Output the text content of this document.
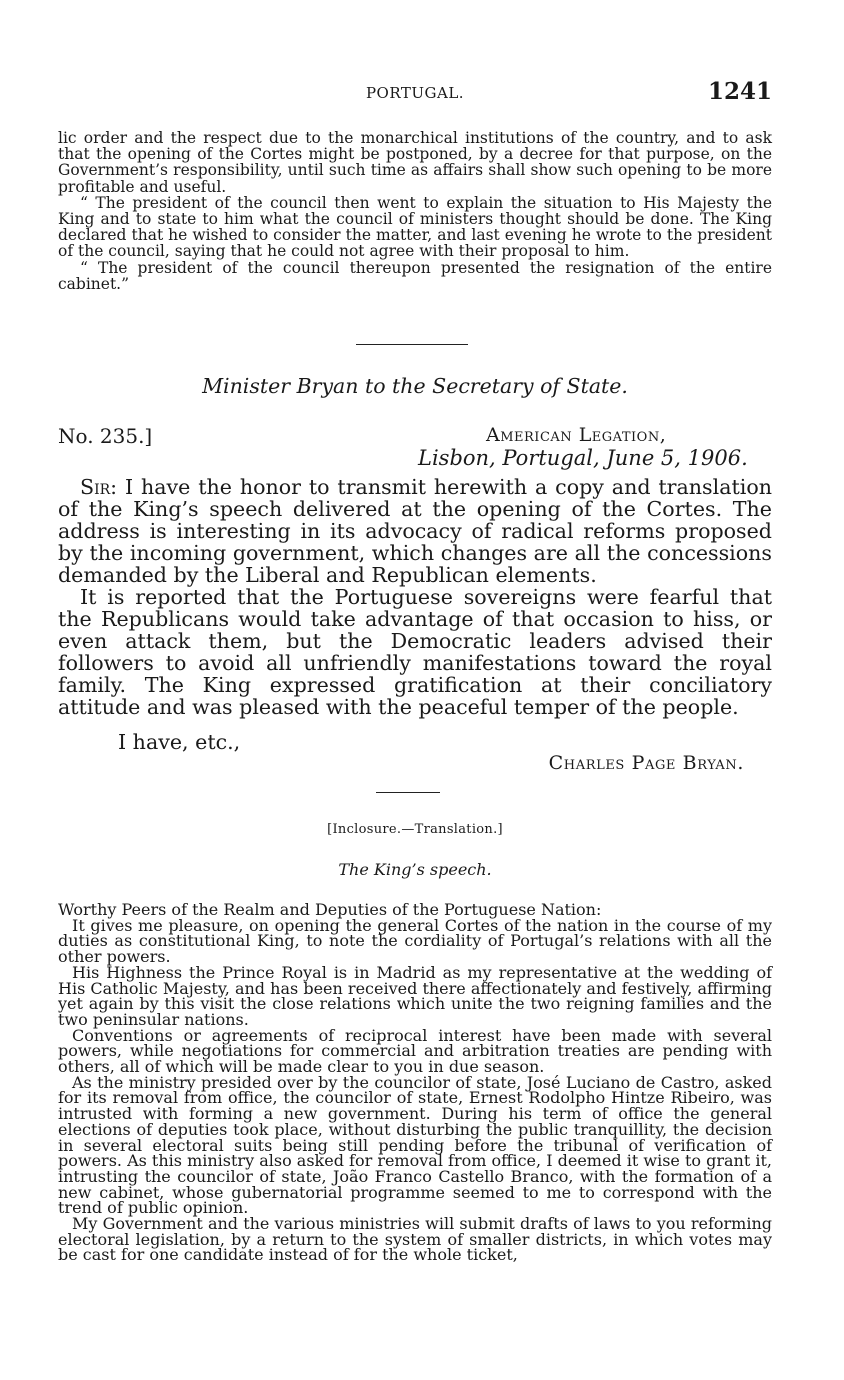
PORTUGAL.	1241

lic order and the respect due to the monarchical institutions of the country, and to ask that the opening of the Cortes might be postponed, by a decree for that purpose, on the Government’s responsibility, until such time as affairs shall show such opening to be more profitable and useful.

“ The president of the council then went to explain the situation to His Majesty the King and to state to him what the council of ministers thought should be done. The King declared that he wished to consider the matter, and last evening he wrote to the president of the council, saying that he could not agree with their proposal to him.

“ The president of the council thereupon presented the resignation of the entire cabinet.”

Minister Bryan to the Secretary of State.
No. 235.]	American Legation,
Lisbon, Portugal, June 5, 1906.

Sir: I have the honor to transmit herewith a copy and translation of the King’s speech delivered at the opening of the Cortes. The address is interesting in its advocacy of radical reforms proposed by the incoming government, which changes are all the concessions demanded by the Liberal and Republican elements.

It is reported that the Portuguese sovereigns were fearful that the Republicans would take advantage of that occasion to hiss, or even attack them, but the Democratic leaders advised their followers to avoid all unfriendly manifestations toward the royal family. The King expressed gratification at their conciliatory attitude and was pleased with the peaceful temper of the people.

I have, etc.,
Charles Page Bryan.
[Inclosure.—Translation.]
The King’s speech.

Worthy Peers of the Realm and Deputies of the Portuguese Nation:

It gives me pleasure, on opening the general Cortes of the nation in the course of my duties as constitutional King, to note the cordiality of Portugal’s relations with all the other powers.

His Highness the Prince Royal is in Madrid as my representative at the wedding of His Catholic Majesty, and has been received there affectionately and festively, affirming yet again by this visit the close relations which unite the two reigning families and the two peninsular nations.

Conventions or agreements of reciprocal interest have been made with several powers, while negotiations for commercial and arbitration treaties are pending with others, all of which will be made clear to you in due season.

As the ministry presided over by the councilor of state, José Luciano de Castro, asked for its removal from office, the councilor of state, Ernest Rodolpho Hintze Ribeiro, was intrusted with forming a new government. During his term of office the general elections of deputies took place, without disturbing the public tranquillity, the decision in several electoral suits being still pending before the tribunal of verification of powers. As this ministry also asked for removal from office, I deemed it wise to grant it, intrusting the councilor of state, João Franco Castello Branco, with the formation of a new cabinet, whose gubernatorial programme seemed to me to correspond with the trend of public opinion.

My Government and the various ministries will submit drafts of laws to you reforming electoral legislation, by a return to the system of smaller districts, in which votes may be cast for one candidate instead of for the whole ticket,
